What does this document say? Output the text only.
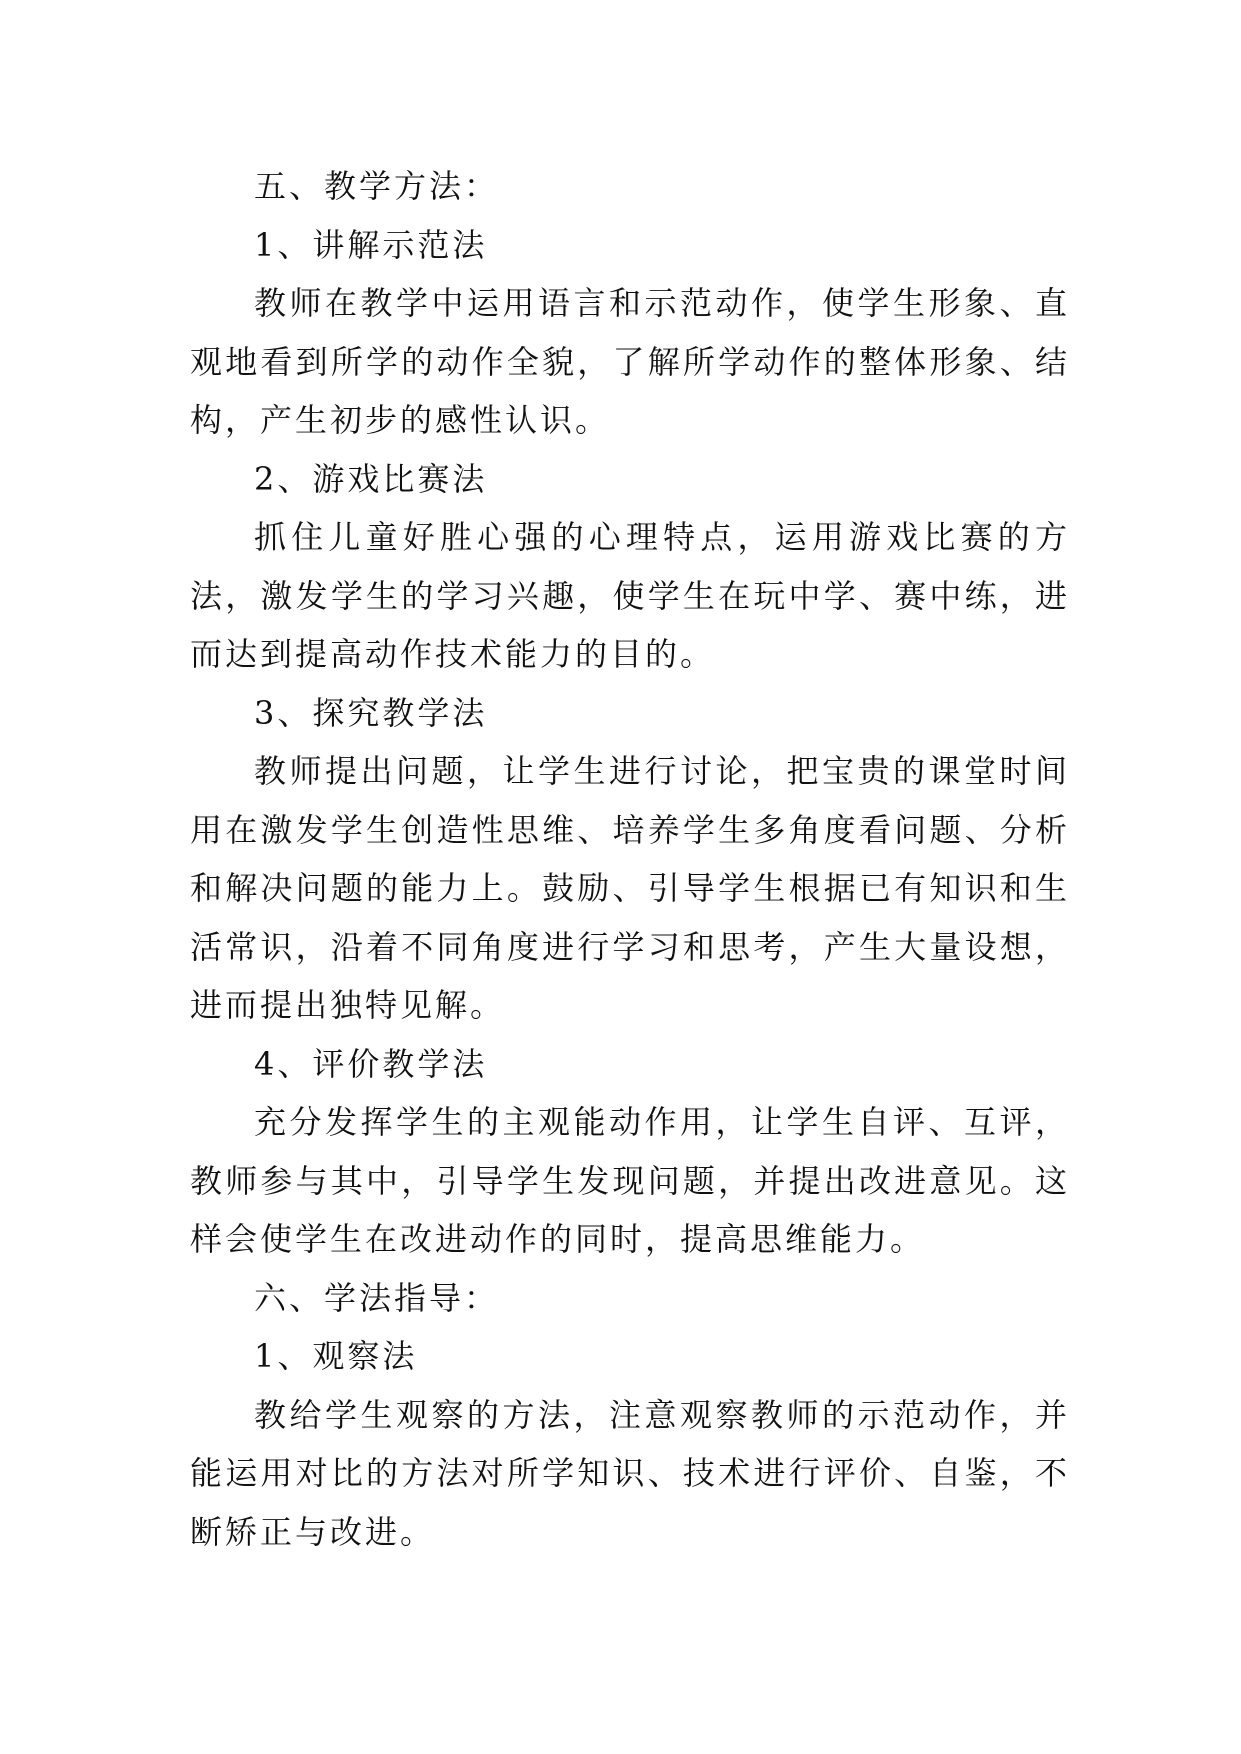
五、教学方法：

1、讲解示范法

教师在教学中运用语言和示范动作，使学生形象、直观地看到所学的动作全貌，了解所学动作的整体形象、结构，产生初步的感性认识。

2、游戏比赛法

抓住儿童好胜心强的心理特点，运用游戏比赛的方法，激发学生的学习兴趣，使学生在玩中学、赛中练，进而达到提高动作技术能力的目的。

3、探究教学法

教师提出问题，让学生进行讨论，把宝贵的课堂时间用在激发学生创造性思维、培养学生多角度看问题、分析和解决问题的能力上。鼓励、引导学生根据已有知识和生活常识，沿着不同角度进行学习和思考，产生大量设想，进而提出独特见解。

4、评价教学法

充分发挥学生的主观能动作用，让学生自评、互评，教师参与其中，引导学生发现问题，并提出改进意见。这样会使学生在改进动作的同时，提高思维能力。

六、学法指导：

1、观察法

教给学生观察的方法，注意观察教师的示范动作，并能运用对比的方法对所学知识、技术进行评价、自鉴，不断矫正与改进。
